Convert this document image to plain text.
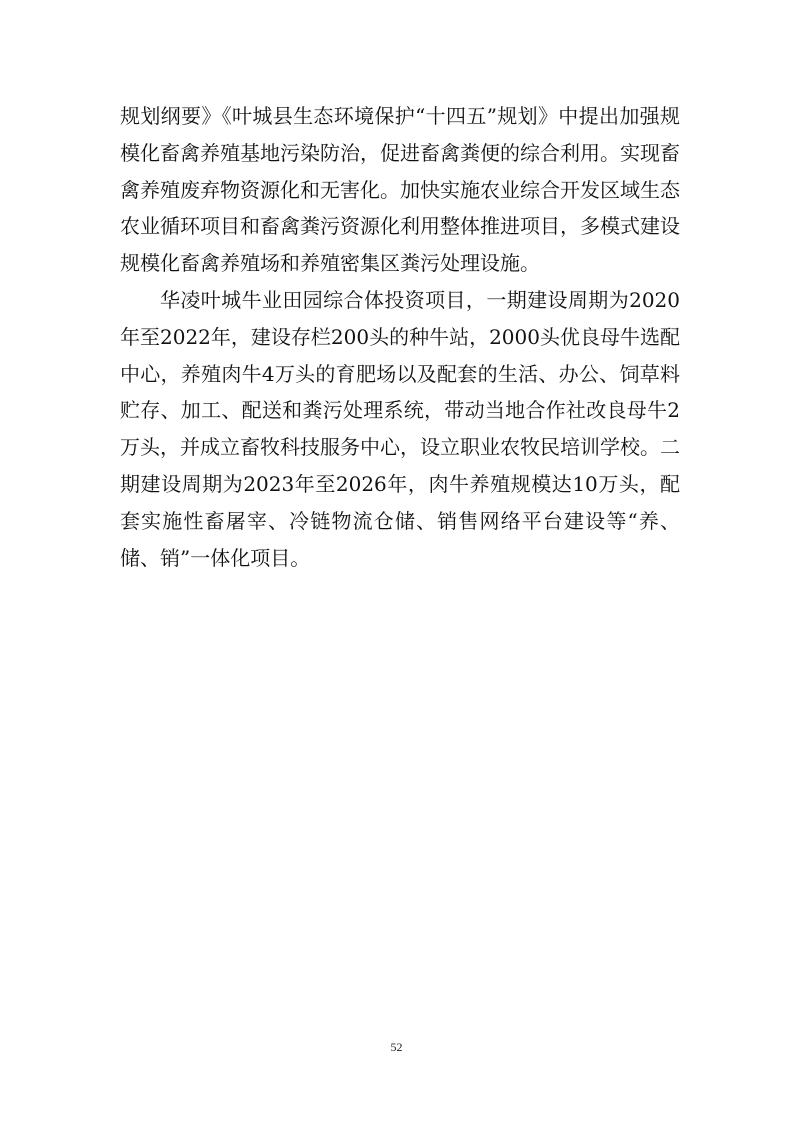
规划纲要》《叶城县生态环境保护“十四五”规划》中提出加强规模化畜禽养殖基地污染防治，促进畜禽粪便的综合利用。实现畜禽养殖废弃物资源化和无害化。加快实施农业综合开发区域生态农业循环项目和畜禽粪污资源化利用整体推进项目，多模式建设规模化畜禽养殖场和养殖密集区粪污处理设施。

华凌叶城牛业田园综合体投资项目，一期建设周期为2020年至2022年，建设存栏200头的种牛站，2000头优良母牛选配中心，养殖肉牛4万头的育肥场以及配套的生活、办公、饲草料贮存、加工、配送和粪污处理系统，带动当地合作社改良母牛2万头，并成立畜牧科技服务中心，设立职业农牧民培训学校。二期建设周期为2023年至2026年，肉牛养殖规模达10万头，配套实施性畜屠宰、冷链物流仓储、销售网络平台建设等“养、储、销”一体化项目。

52
